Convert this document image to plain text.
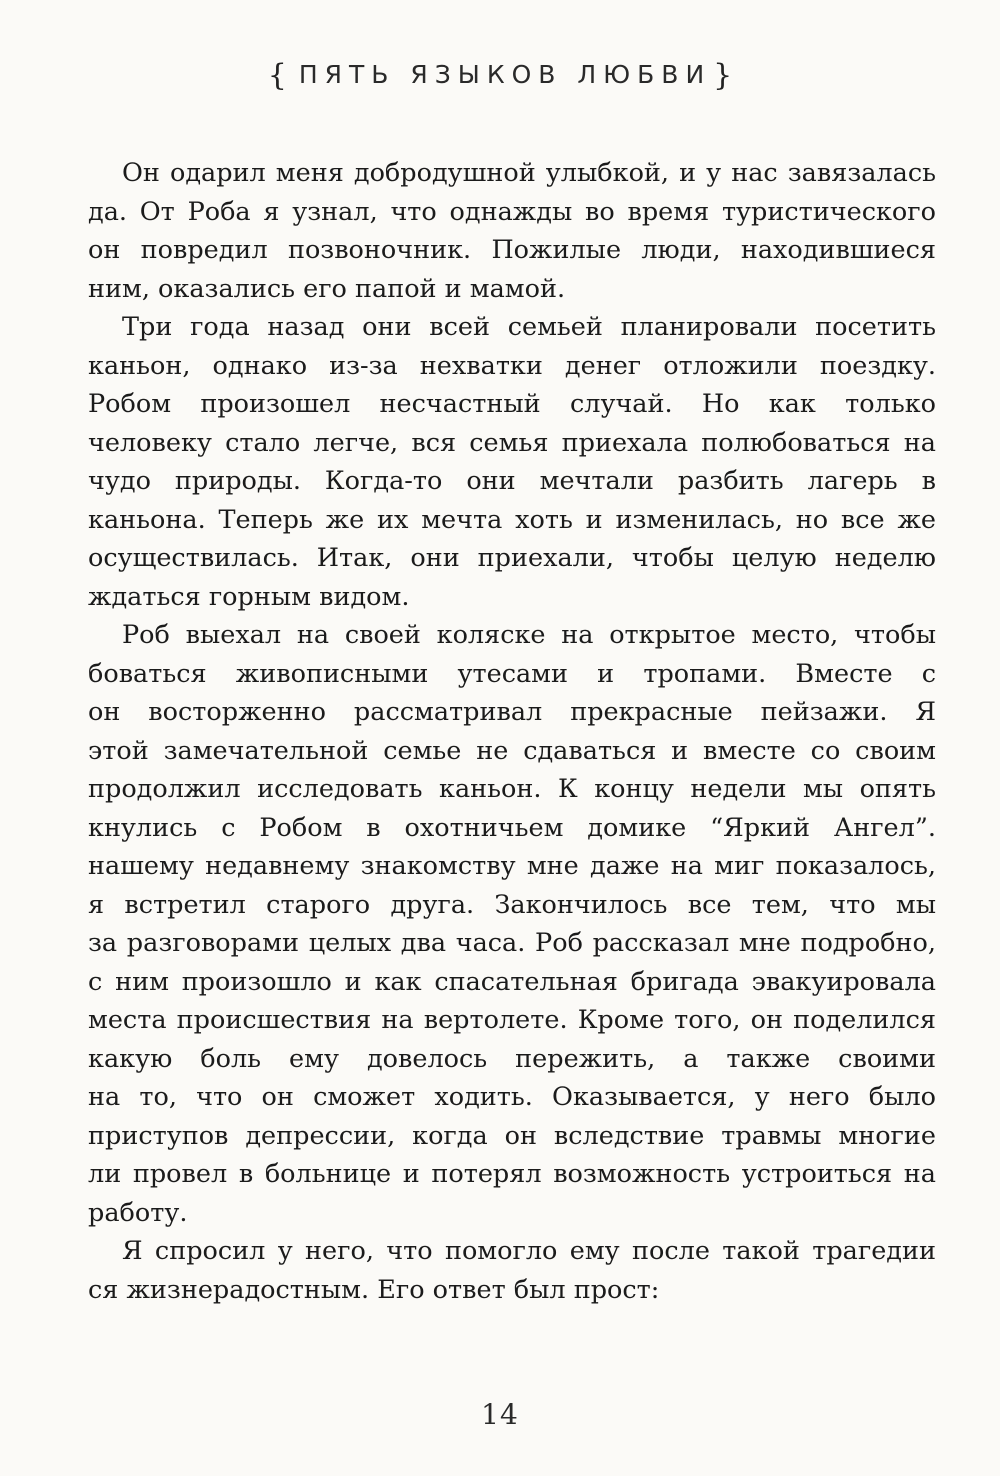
{ ПЯТЬ ЯЗЫКОВ ЛЮБВИ}
Он одарил меня добродушной улыбкой, и у нас завязалась
да. От Роба я узнал, что однажды во время туристического
он повредил позвоночник. Пожилые люди, находившиеся
ним, оказались его папой и мамой.
Три года назад они всей семьей планировали посетить
каньон, однако из-за нехватки денег отложили поездку.
Робом произошел несчастный случай. Но как только
человеку стало легче, вся семья приехала полюбоваться на
чудо природы. Когда-то они мечтали разбить лагерь в
каньона. Теперь же их мечта хоть и изменилась, но все же
осуществилась. Итак, они приехали, чтобы целую неделю
ждаться горным видом.
Роб выехал на своей коляске на открытое место, чтобы
боваться живописными утесами и тропами. Вместе с
он восторженно рассматривал прекрасные пейзажи. Я
этой замечательной семье не сдаваться и вместе со своим
продолжил исследовать каньон. К концу недели мы опять
кнулись с Робом в охотничьем домике “Яркий Ангел”.
нашему недавнему знакомству мне даже на миг показалось,
я встретил старого друга. Закончилось все тем, что мы
за разговорами целых два часа. Роб рассказал мне подробно,
с ним произошло и как спасательная бригада эвакуировала
места происшествия на вертолете. Кроме того, он поделился
какую боль ему довелось пережить, а также своими
на то, что он сможет ходить. Оказывается, у него было
приступов депрессии, когда он вследствие травмы многие
ли провел в больнице и потерял возможность устроиться на
работу.
Я спросил у него, что помогло ему после такой трагедии
ся жизнерадостным. Его ответ был прост:
14
